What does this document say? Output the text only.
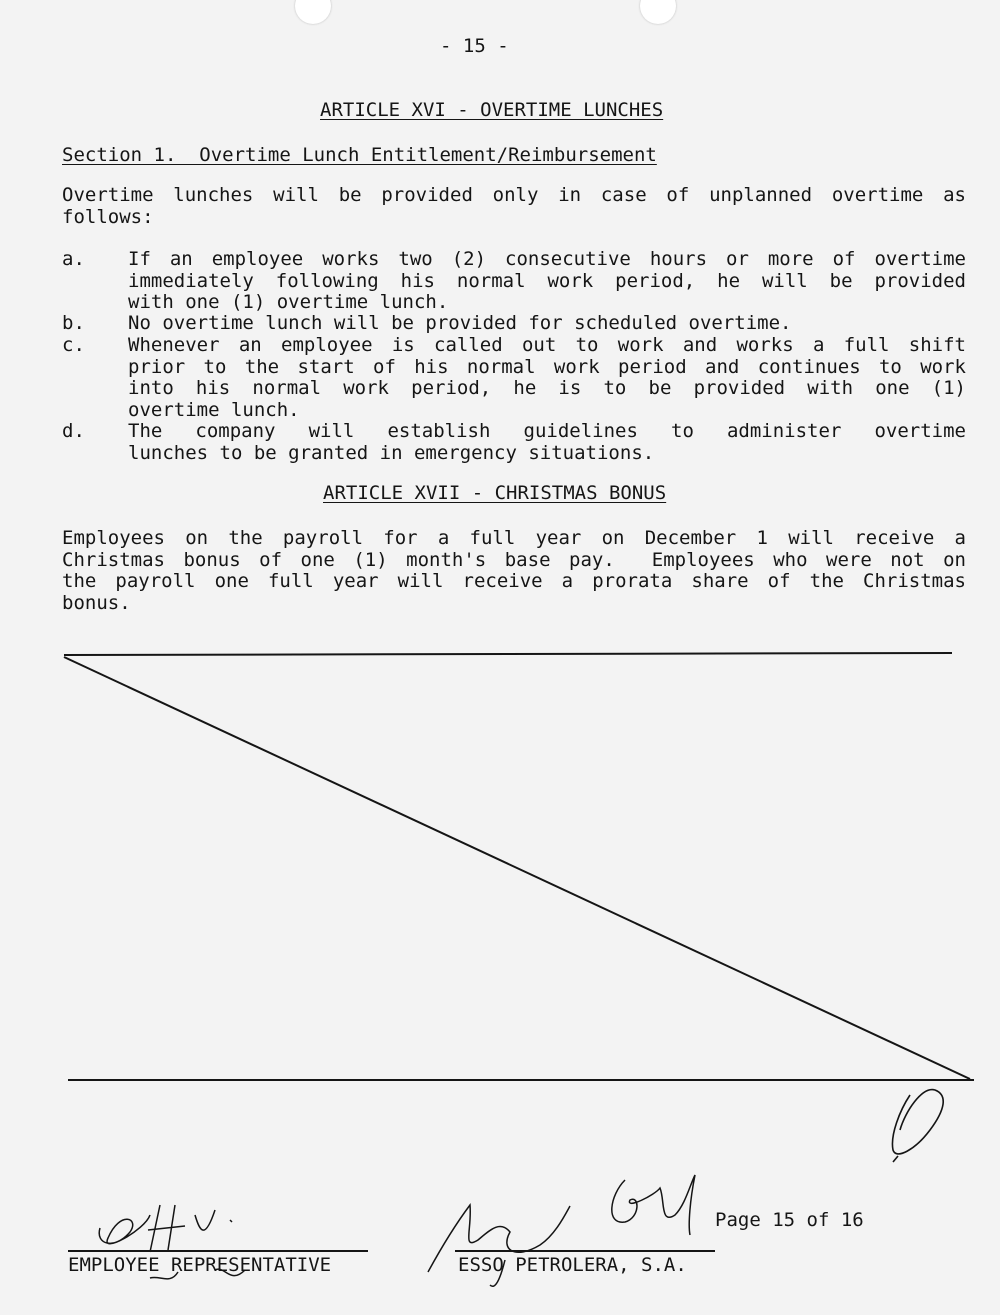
- 15 -
ARTICLE XVI - OVERTIME LUNCHES
Section 1.  Overtime Lunch Entitlement/Reimbursement
Overtime lunches will be provided only in case of unplanned overtime as
follows:
a. If an employee works two (2) consecutive hours or more of overtime
immediately following his normal work period, he will be provided
with one (1) overtime lunch.
b. No overtime lunch will be provided for scheduled overtime.
c. Whenever an employee is called out to work and works a full shift
prior to the start of his normal work period and continues to work
into his normal work period, he is to be provided with one (1)
overtime lunch.
d. The company will establish guidelines to administer overtime
lunches to be granted in emergency situations.
ARTICLE XVII - CHRISTMAS BONUS
Employees on the payroll for a full year on December 1 will receive a
Christmas bonus of one (1) month's base pay.  Employees who were not on
the payroll one full year will receive a prorata share of the Christmas
bonus.
EMPLOYEE REPRESENTATIVE	ESSO PETROLERA, S.A.
Page 15 of 16
